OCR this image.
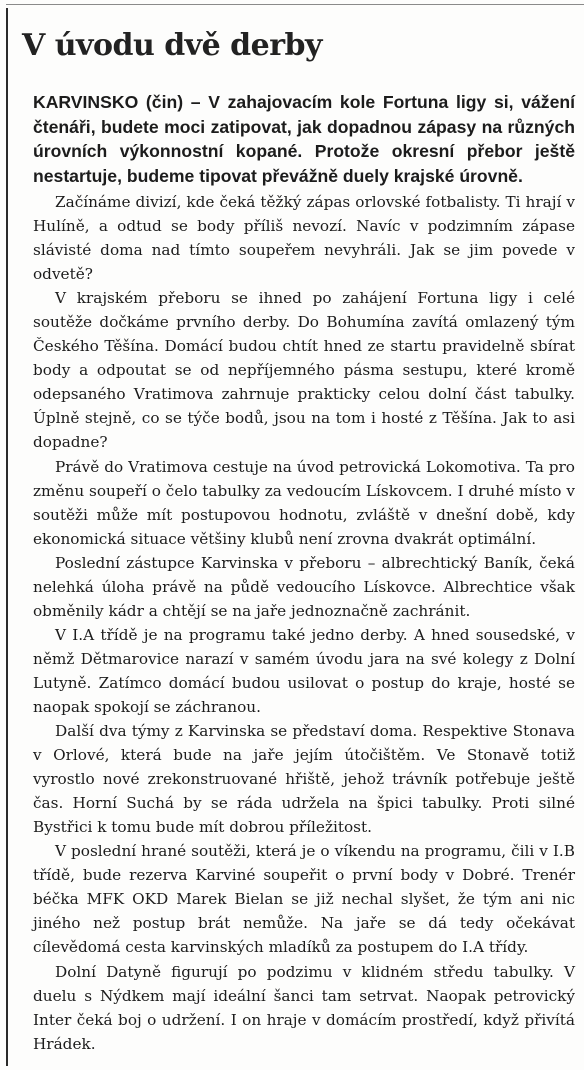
V úvodu dvě derby

KARVINSKO (čin) – V zahajovacím kole Fortuna ligy si, vážení čtenáři, budete moci zatipovat, jak dopadnou zápasy na různých úrovních výkonnostní kopané. Protože okresní přebor ještě nestartuje, budeme tipovat převážně duely krajské úrovně.

Začínáme divizí, kde čeká těžký zápas orlovské fotbalisty. Ti hrají v Hulíně, a odtud se body příliš nevozí. Navíc v podzimním zápase slávisté doma nad tímto soupeřem nevyhráli. Jak se jim povede v odvetě?

V krajském přeboru se ihned po zahájení Fortuna ligy i celé soutěže dočkáme prvního derby. Do Bohumína zavítá omlazený tým Českého Těšína. Domácí budou chtít hned ze startu pravidelně sbírat body a odpoutat se od nepříjemného pásma sestupu, které kromě odepsaného Vratimova zahrnuje prakticky celou dolní část tabulky. Úplně stejně, co se týče bodů, jsou na tom i hosté z Těšína. Jak to asi dopadne?

Právě do Vratimova cestuje na úvod petrovická Lokomotiva. Ta pro změnu soupeří o čelo tabulky za vedoucím Lískovcem. I druhé místo v soutěži může mít postupovou hodnotu, zvláště v dnešní době, kdy ekonomická situace většiny klubů není zrovna dvakrát optimální.

Poslední zástupce Karvinska v přeboru – albrechtický Baník, čeká nelehká úloha právě na půdě vedoucího Lískovce. Albrechtice však obměnily kádr a chtějí se na jaře jednoznačně zachránit.

V I.A třídě je na programu také jedno derby. A hned sousedské, v němž Dětmarovice narazí v samém úvodu jara na své kolegy z Dolní Lutyně. Zatímco domácí budou usilovat o postup do kraje, hosté se naopak spokojí se záchranou.

Další dva týmy z Karvinska se představí doma. Respektive Stonava v Orlové, která bude na jaře jejím útočištěm. Ve Stonavě totiž vyrostlo nové zrekonstruované hřiště, jehož trávník potřebuje ještě čas. Horní Suchá by se ráda udržela na špici tabulky. Proti silné Bystřici k tomu bude mít dobrou příležitost.

V poslední hrané soutěži, která je o víkendu na programu, čili v I.B třídě, bude rezerva Karviné soupeřit o první body v Dobré. Trenér béčka MFK OKD Marek Bielan se již nechal slyšet, že tým ani nic jiného než postup brát nemůže. Na jaře se dá tedy očekávat cílevědomá cesta karvinských mladíků za postupem do I.A třídy.

Dolní Datyně figurují po podzimu v klidném středu tabulky. V duelu s Nýdkem mají ideální šanci tam setrvat. Naopak petrovický Inter čeká boj o udržení. I on hraje v domácím prostředí, když přivítá Hrádek.
